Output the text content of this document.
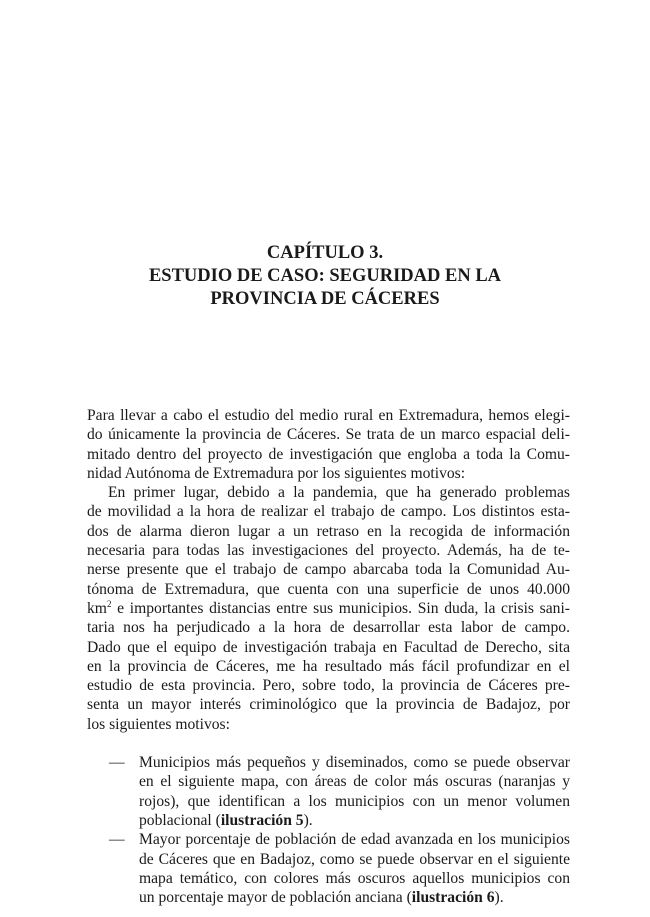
CAPÍTULO 3.
ESTUDIO DE CASO: SEGURIDAD EN LA
PROVINCIA DE CÁCERES

Para llevar a cabo el estudio del medio rural en Extremadura, hemos elegi-
do únicamente la provincia de Cáceres. Se trata de un marco espacial deli-
mitado dentro del proyecto de investigación que engloba a toda la Comu-
nidad Autónoma de Extremadura por los siguientes motivos:

En primer lugar, debido a la pandemia, que ha generado problemas
de movilidad a la hora de realizar el trabajo de campo. Los distintos esta-
dos de alarma dieron lugar a un retraso en la recogida de información
necesaria para todas las investigaciones del proyecto. Además, ha de te-
nerse presente que el trabajo de campo abarcaba toda la Comunidad Au-
tónoma de Extremadura, que cuenta con una superficie de unos 40.000
$km^2$ e importantes distancias entre sus municipios. Sin duda, la crisis sani-
taria nos ha perjudicado a la hora de desarrollar esta labor de campo.
Dado que el equipo de investigación trabaja en Facultad de Derecho, sita
en la provincia de Cáceres, me ha resultado más fácil profundizar en el
estudio de esta provincia. Pero, sobre todo, la provincia de Cáceres pre-
senta un mayor interés criminológico que la provincia de Badajoz, por
los siguientes motivos:

— Municipios más pequeños y diseminados, como se puede observar
en el siguiente mapa, con áreas de color más oscuras (naranjas y
rojos), que identifican a los municipios con un menor volumen
poblacional (ilustración 5).
— Mayor porcentaje de población de edad avanzada en los municipios
de Cáceres que en Badajoz, como se puede observar en el siguiente
mapa temático, con colores más oscuros aquellos municipios con
un porcentaje mayor de población anciana (ilustración 6).
